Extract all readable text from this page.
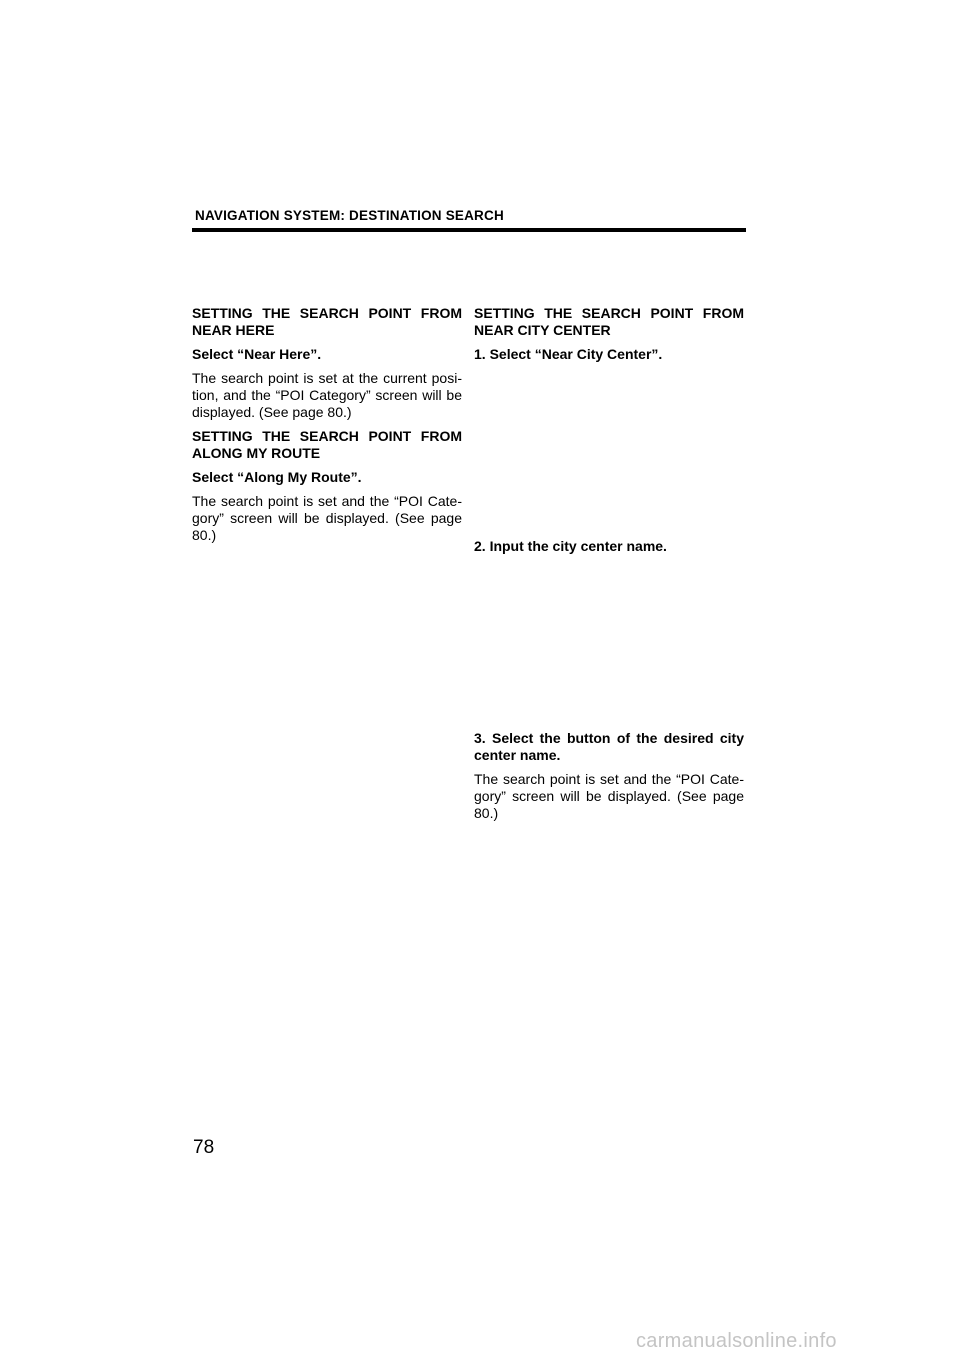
NAVIGATION SYSTEM: DESTINATION SEARCH

SETTING THE SEARCH POINT FROM NEAR HERE

Select “Near Here”.

The search point is set at the current posi- tion, and the “POI Category” screen will be displayed. (See page 80.)

SETTING THE SEARCH POINT FROM ALONG MY ROUTE

Select “Along My Route”.

The search point is set and the “POI Cate- gory” screen will be displayed. (See page 80.)

SETTING THE SEARCH POINT FROM NEAR CITY CENTER

1. Select “Near City Center”.

2. Input the city center name.

3. Select the button of the desired city center name.

The search point is set and the “POI Cate- gory” screen will be displayed. (See page 80.)

78
carmanualsonline.info
